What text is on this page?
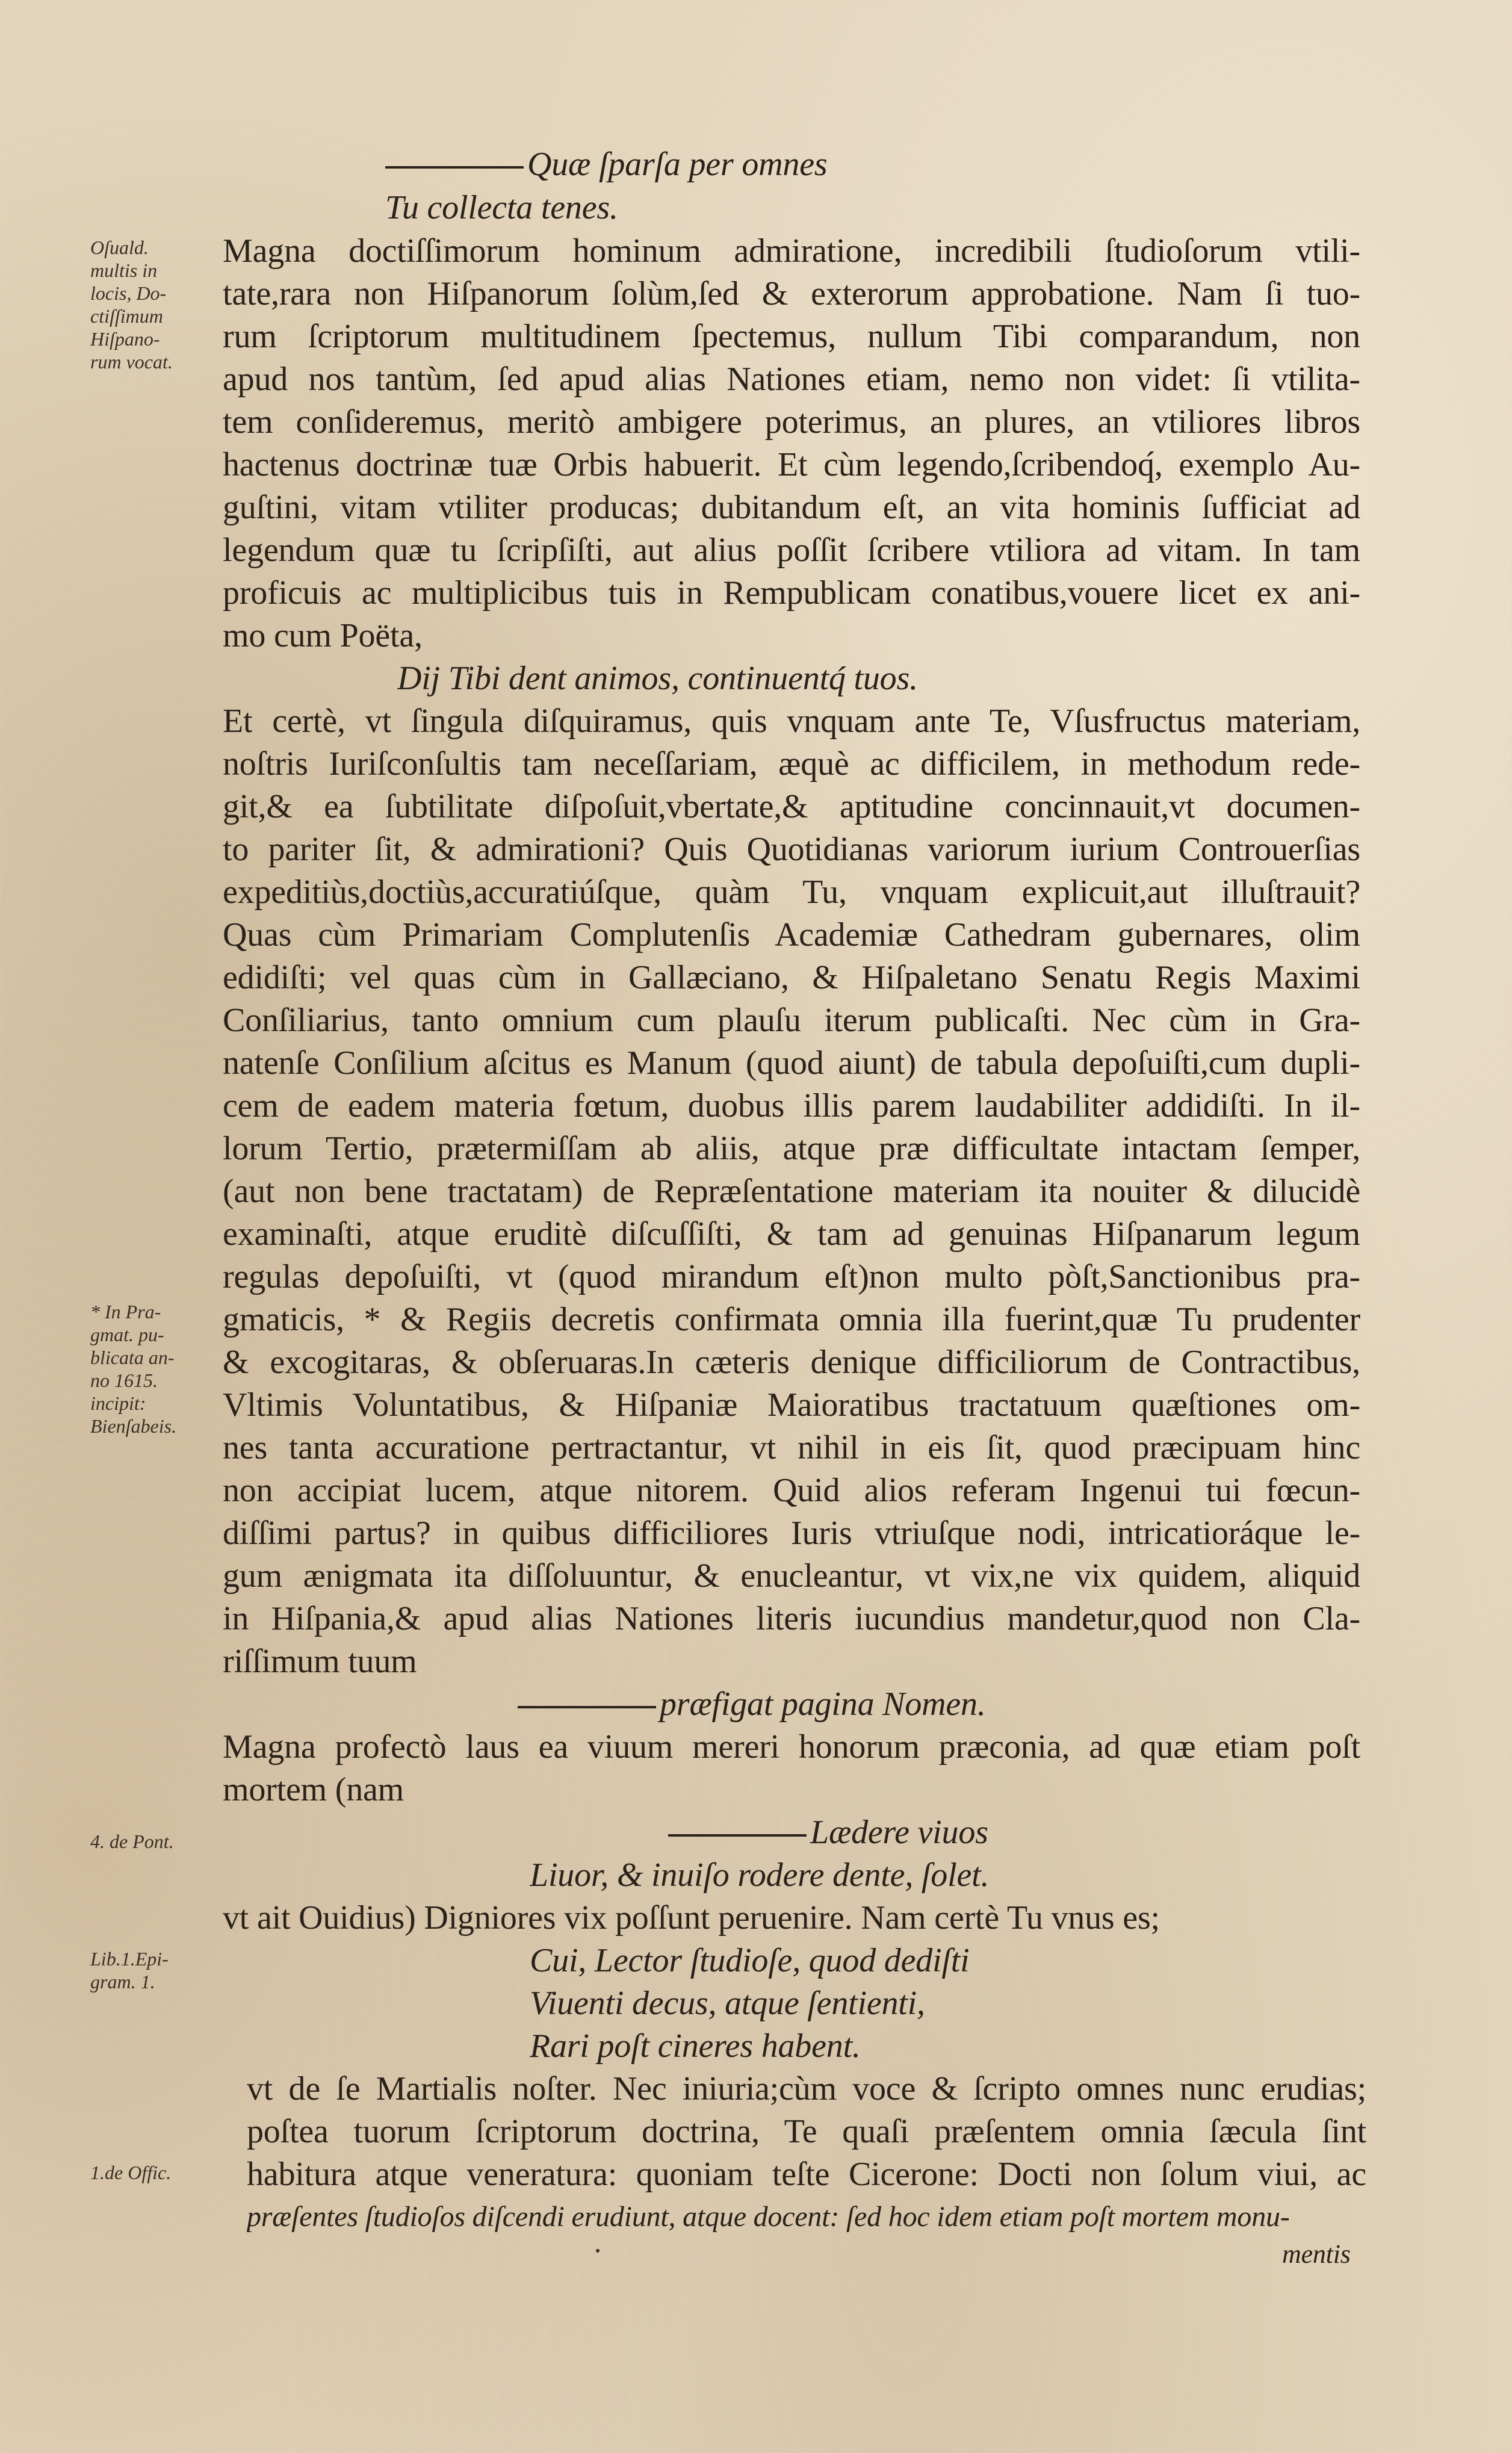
Oſuald.
multis in
locis, Do-
ctiſſimum
Hiſpano-
rum vocat.
* In Pra-
gmat. pu-
blicata an-
no 1615.
incipit:
Bienſabeis.
4. de Pont.
Lib.1.Epi-
gram. 1.
1.de Offic.
Quæ ſparſa per omnes
Tu collecta tenes.
Magna doctiſſimorum hominum admiratione, incredibili ſtudioſorum vtili-
tate,rara non Hiſpanorum ſolùm,ſed & exterorum approbatione. Nam ſi tuo-
rum ſcriptorum multitudinem ſpectemus, nullum Tibi comparandum, non
apud nos tantùm, ſed apud alias Nationes etiam, nemo non videt: ſi vtilita-
tem conſideremus, meritò ambigere poterimus, an plures, an vtiliores libros
hactenus doctrinæ tuæ Orbis habuerit. Et cùm legendo,ſcribendoq́, exemplo Au-
guſtini, vitam vtiliter producas; dubitandum eſt, an vita hominis ſufficiat ad
legendum quæ tu ſcripſiſti, aut alius poſſit ſcribere vtiliora ad vitam. In tam
proficuis ac multiplicibus tuis in Rempublicam conatibus,vouere licet ex ani-
mo cum Poëta,
Dij Tibi dent animos, continuentq́ tuos.
Et certè, vt ſingula diſquiramus, quis vnquam ante Te, Vſusfructus materiam,
noſtris Iuriſconſultis tam neceſſariam, æquè ac difficilem, in methodum rede-
git,& ea ſubtilitate diſpoſuit,vbertate,& aptitudine concinnauit,vt documen-
to pariter ſit, & admirationi? Quis Quotidianas variorum iurium Controuerſias
expeditiùs,doctiùs,accuratiúſque, quàm Tu, vnquam explicuit,aut illuſtrauit?
Quas cùm Primariam Complutenſis Academiæ Cathedram gubernares, olim
edidiſti; vel quas cùm in Gallæciano, & Hiſpaletano Senatu Regis Maximi
Conſiliarius, tanto omnium cum plauſu iterum publicaſti. Nec cùm in Gra-
natenſe Conſilium aſcitus es Manum (quod aiunt) de tabula depoſuiſti,cum dupli-
cem de eadem materia fœtum, duobus illis parem laudabiliter addidiſti. In il-
lorum Tertio, prætermiſſam ab aliis, atque præ difficultate intactam ſemper,
(aut non bene tractatam) de Repræſentatione materiam ita nouiter & dilucidè
examinaſti, atque eruditè diſcuſſiſti, & tam ad genuinas Hiſpanarum legum
regulas depoſuiſti, vt (quod mirandum eſt)non multo pòſt,Sanctionibus pra-
gmaticis, * & Regiis decretis confirmata omnia illa fuerint,quæ Tu prudenter
& excogitaras, & obſeruaras.In cæteris denique difficiliorum de Contractibus,
Vltimis Voluntatibus, & Hiſpaniæ Maioratibus tractatuum quæſtiones om-
nes tanta accuratione pertractantur, vt nihil in eis ſit, quod præcipuam hinc
non accipiat lucem, atque nitorem. Quid alios referam Ingenui tui fœcun-
diſſimi partus? in quibus difficiliores Iuris vtriuſque nodi, intricatioráque le-
gum ænigmata ita diſſoluuntur, & enucleantur, vt vix,ne vix quidem, aliquid
in Hiſpania,& apud alias Nationes literis iucundius mandetur,quod non Cla-
riſſimum tuum
præfigat pagina Nomen.
Magna profectò laus ea viuum mereri honorum præconia, ad quæ etiam poſt
mortem (nam
Lædere viuos
Liuor, & inuiſo rodere dente, ſolet.
vt ait Ouidius) Digniores vix poſſunt peruenire. Nam certè Tu vnus es;
Cui, Lector ſtudioſe, quod dediſti
Viuenti decus, atque ſentienti,
Rari poſt cineres habent.
vt de ſe Martialis noſter. Nec iniuria;cùm voce & ſcripto omnes nunc erudias;
poſtea tuorum ſcriptorum doctrina, Te quaſi præſentem omnia ſæcula ſint
habitura atque veneratura: quoniam teſte Cicerone: Docti non ſolum viui, ac
præſentes ſtudioſos diſcendi erudiunt, atque docent: ſed hoc idem etiam poſt mortem monu-
mentis
